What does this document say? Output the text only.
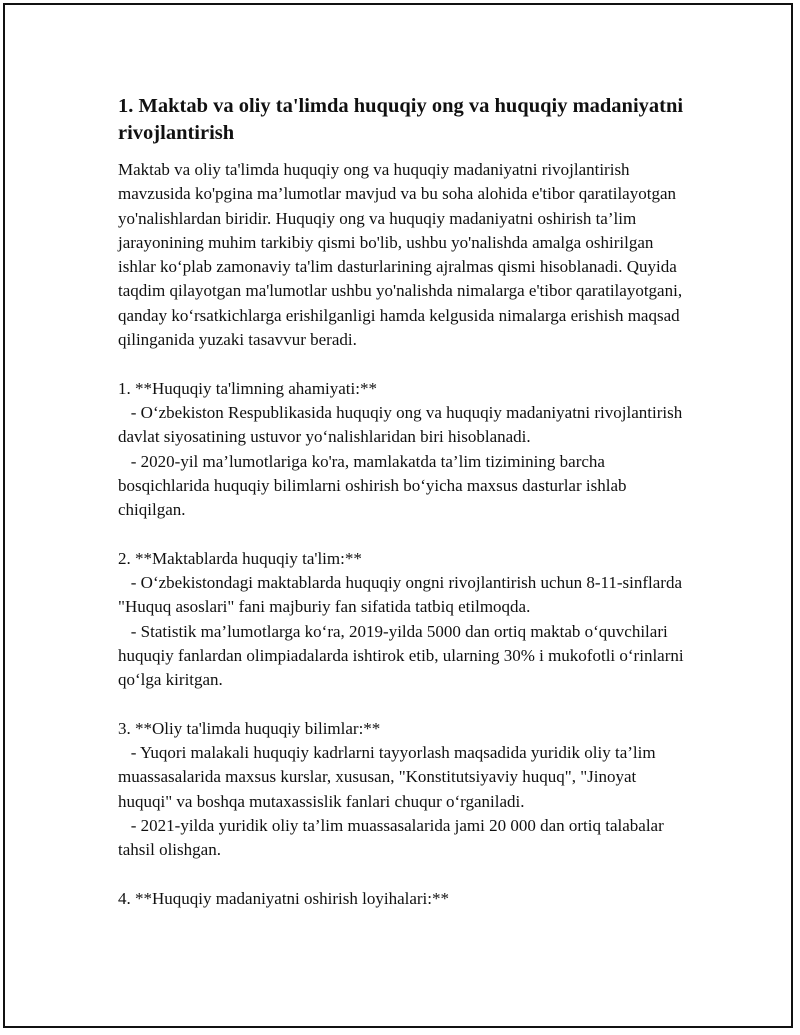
1. Maktab va oliy ta'limda huquqiy ong va huquqiy madaniyatni rivojlantirish

Maktab va oliy ta'limda huquqiy ong va huquqiy madaniyatni rivojlantirish mavzusida ko'pgina ma’lumotlar mavjud va bu soha alohida e'tibor qaratilayotgan yo'nalishlardan biridir. Huquqiy ong va huquqiy madaniyatni oshirish ta’lim jarayonining muhim tarkibiy qismi bo'lib, ushbu yo'nalishda amalga oshirilgan ishlar ko‘plab zamonaviy ta'lim dasturlarining ajralmas qismi hisoblanadi. Quyida taqdim qilayotgan ma'lumotlar ushbu yo'nalishda nimalarga e'tibor qaratilayotgani, qanday ko‘rsatkichlarga erishilganligi hamda kelgusida nimalarga erishish maqsad qilinganida yuzaki tasavvur beradi.

1. **Huquqiy ta'limning ahamiyati:**

- O‘zbekiston Respublikasida huquqiy ong va huquqiy madaniyatni rivojlantirish davlat siyosatining ustuvor yo‘nalishlaridan biri hisoblanadi.

- 2020-yil ma’lumotlariga ko'ra, mamlakatda ta’lim tizimining barcha bosqichlarida huquqiy bilimlarni oshirish bo‘yicha maxsus dasturlar ishlab chiqilgan.

2. **Maktablarda huquqiy ta'lim:**

- O‘zbekistondagi maktablarda huquqiy ongni rivojlantirish uchun 8-11-sinflarda "Huquq asoslari" fani majburiy fan sifatida tatbiq etilmoqda.

- Statistik ma’lumotlarga ko‘ra, 2019-yilda 5000 dan ortiq maktab o‘quvchilari huquqiy fanlardan olimpiadalarda ishtirok etib, ularning 30% i mukofotli o‘rinlarni qo‘lga kiritgan.

3. **Oliy ta'limda huquqiy bilimlar:**

- Yuqori malakali huquqiy kadrlarni tayyorlash maqsadida yuridik oliy ta’lim muassasalarida maxsus kurslar, xususan, "Konstitutsiyaviy huquq", "Jinoyat huquqi" va boshqa mutaxassislik fanlari chuqur o‘rganiladi.

- 2021-yilda yuridik oliy ta’lim muassasalarida jami 20 000 dan ortiq talabalar tahsil olishgan.

4. **Huquqiy madaniyatni oshirish loyihalari:**
